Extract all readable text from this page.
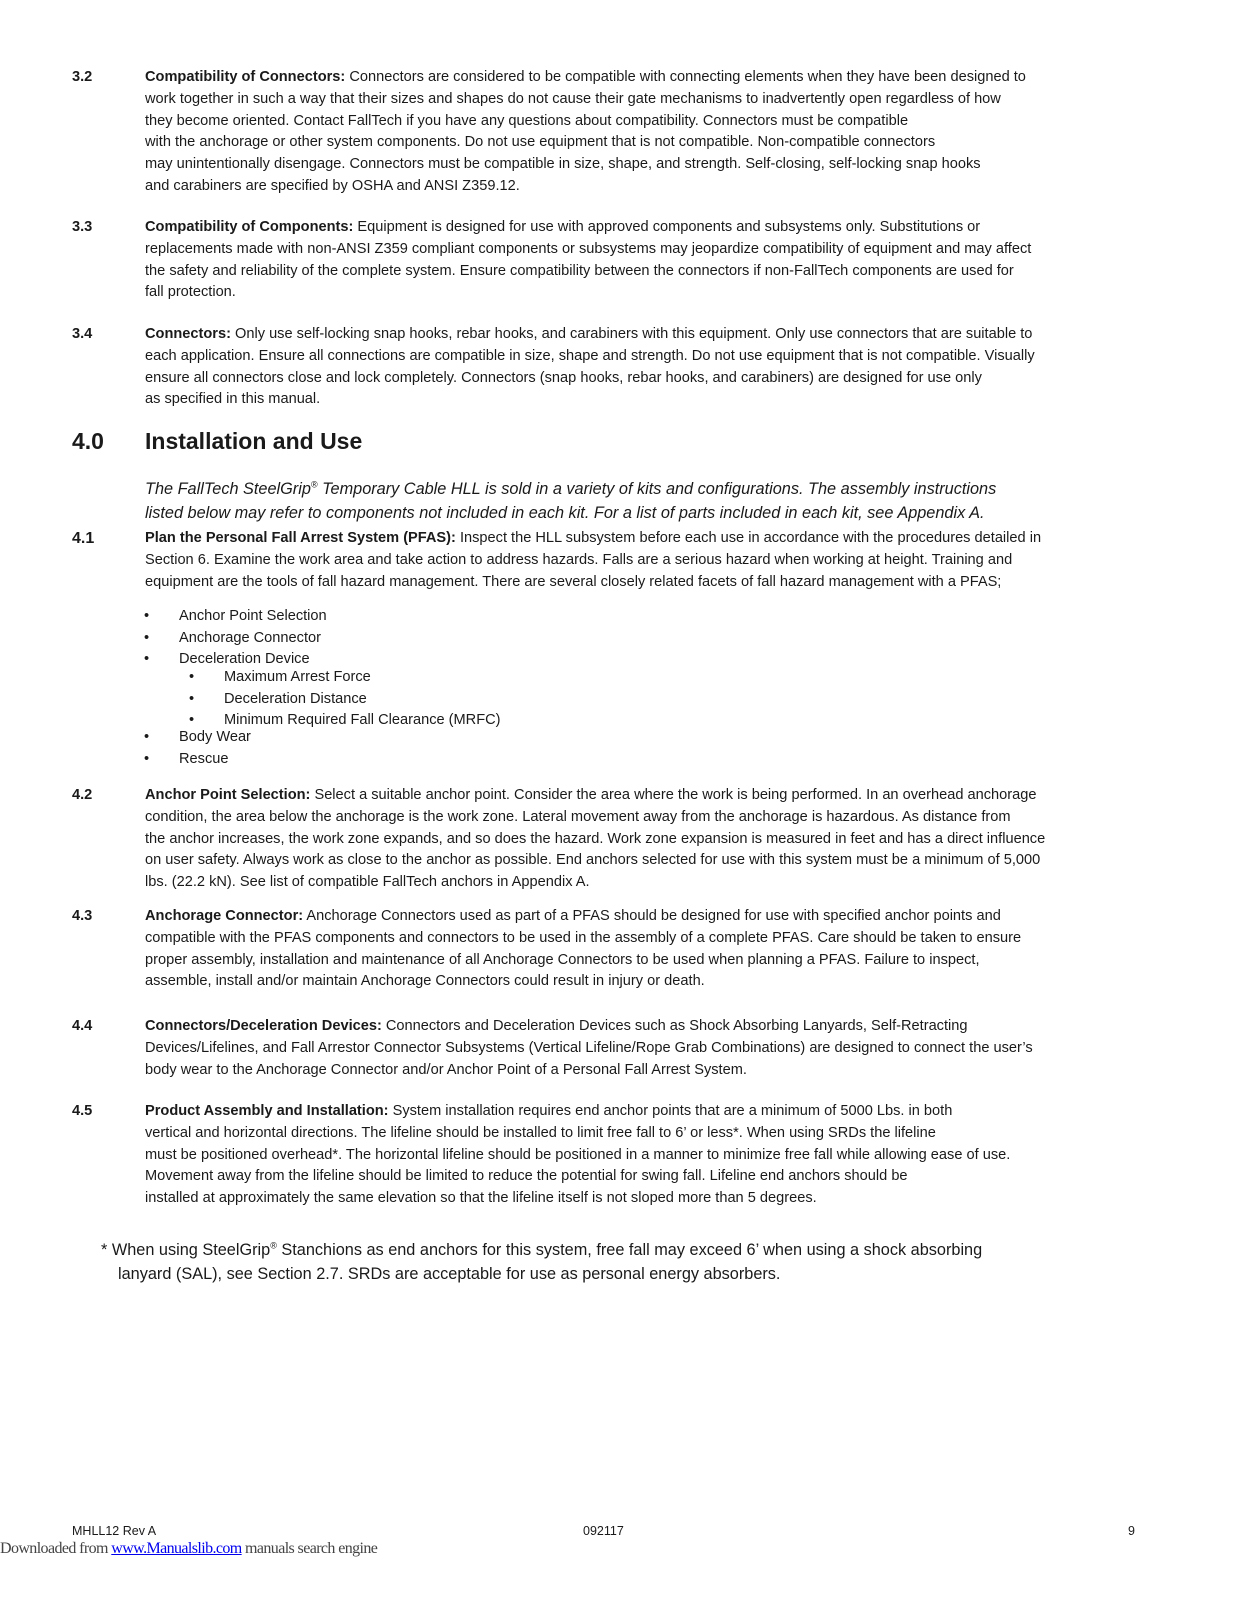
3.2	Compatibility of Connectors: Connectors are considered to be compatible with connecting elements when they have been designed to
work together in such a way that their sizes and shapes do not cause their gate mechanisms to inadvertently open regardless of how
they become oriented. Contact FallTech if you have any questions about compatibility. Connectors must be compatible
with the anchorage or other system components. Do not use equipment that is not compatible. Non-compatible connectors
may unintentionally disengage. Connectors must be compatible in size, shape, and strength. Self-closing, self-locking snap hooks
and carabiners are specified by OSHA and ANSI Z359.12.
3.3	Compatibility of Components: Equipment is designed for use with approved components and subsystems only. Substitutions or
replacements made with non-ANSI Z359 compliant components or subsystems may jeopardize compatibility of equipment and may affect
the safety and reliability of the complete system. Ensure compatibility between the connectors if non-FallTech components are used for
fall protection.
3.4	Connectors: Only use self-locking snap hooks, rebar hooks, and carabiners with this equipment. Only use connectors that are suitable to
each application. Ensure all connections are compatible in size, shape and strength. Do not use equipment that is not compatible. Visually
ensure all connectors close and lock completely. Connectors (snap hooks, rebar hooks, and carabiners) are designed for use only
as specified in this manual.
4.0 Installation and Use
The FallTech SteelGrip® Temporary Cable HLL is sold in a variety of kits and configurations. The assembly instructions
listed below may refer to components not included in each kit. For a list of parts included in each kit, see Appendix A.
4.1	Plan the Personal Fall Arrest System (PFAS): Inspect the HLL subsystem before each use in accordance with the procedures detailed in
Section 6. Examine the work area and take action to address hazards. Falls are a serious hazard when working at height. Training and
equipment are the tools of fall hazard management. There are several closely related facets of fall hazard management with a PFAS;
• Anchor Point Selection
• Anchorage Connector
• Deceleration Device
• Maximum Arrest Force
• Deceleration Distance
• Minimum Required Fall Clearance (MRFC)
• Body Wear
• Rescue
4.2	Anchor Point Selection: Select a suitable anchor point. Consider the area where the work is being performed. In an overhead anchorage
condition, the area below the anchorage is the work zone. Lateral movement away from the anchorage is hazardous. As distance from
the anchor increases, the work zone expands, and so does the hazard. Work zone expansion is measured in feet and has a direct influence
on user safety. Always work as close to the anchor as possible. End anchors selected for use with this system must be a minimum of 5,000
lbs. (22.2 kN). See list of compatible FallTech anchors in Appendix A.
4.3	Anchorage Connector: Anchorage Connectors used as part of a PFAS should be designed for use with specified anchor points and
compatible with the PFAS components and connectors to be used in the assembly of a complete PFAS. Care should be taken to ensure
proper assembly, installation and maintenance of all Anchorage Connectors to be used when planning a PFAS. Failure to inspect,
assemble, install and/or maintain Anchorage Connectors could result in injury or death.
4.4	Connectors/Deceleration Devices: Connectors and Deceleration Devices such as Shock Absorbing Lanyards, Self-Retracting
Devices/Lifelines, and Fall Arrestor Connector Subsystems (Vertical Lifeline/Rope Grab Combinations) are designed to connect the user’s
body wear to the Anchorage Connector and/or Anchor Point of a Personal Fall Arrest System.
4.5	Product Assembly and Installation: System installation requires end anchor points that are a minimum of 5000 Lbs. in both
vertical and horizontal directions. The lifeline should be installed to limit free fall to 6’ or less*. When using SRDs the lifeline
must be positioned overhead*. The horizontal lifeline should be positioned in a manner to minimize free fall while allowing ease of use.
Movement away from the lifeline should be limited to reduce the potential for swing fall. Lifeline end anchors should be
installed at approximately the same elevation so that the lifeline itself is not sloped more than 5 degrees.
* When using SteelGrip® Stanchions as end anchors for this system, free fall may exceed 6’ when using a shock absorbing
lanyard (SAL), see Section 2.7. SRDs are acceptable for use as personal energy absorbers.
MHLL12 Rev A	092117	9
Downloaded from www.Manualslib.com manuals search engine
